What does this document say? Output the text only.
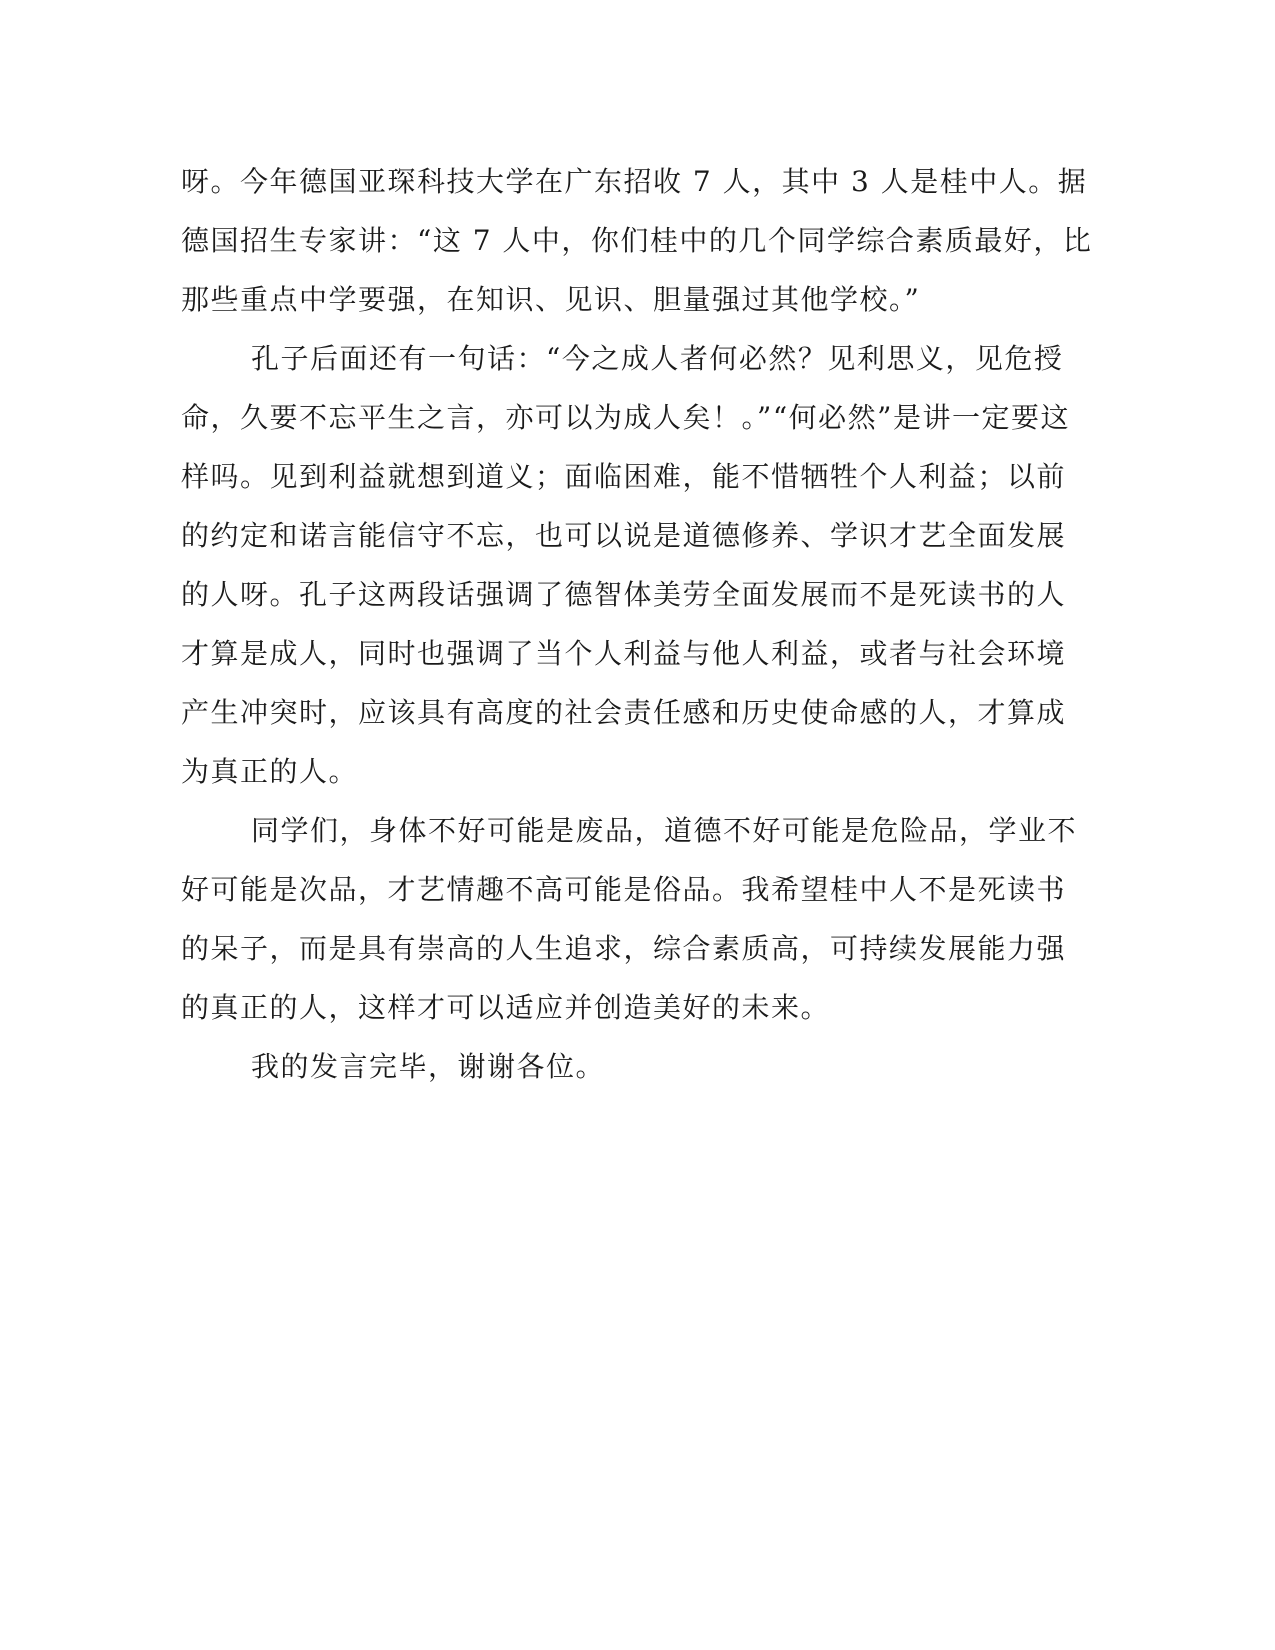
呀。今年德国亚琛科技大学在广东招收 7 人，其中 3 人是桂中人。据
德国招生专家讲：“这 7 人中，你们桂中的几个同学综合素质最好，比
那些重点中学要强，在知识、见识、胆量强过其他学校。”
孔子后面还有一句话：“今之成人者何必然？见利思义，见危授
命，久要不忘平生之言，亦可以为成人矣！。”“何必然”是讲一定要这
样吗。见到利益就想到道义；面临困难，能不惜牺牲个人利益；以前
的约定和诺言能信守不忘，也可以说是道德修养、学识才艺全面发展
的人呀。孔子这两段话强调了德智体美劳全面发展而不是死读书的人
才算是成人，同时也强调了当个人利益与他人利益，或者与社会环境
产生冲突时，应该具有高度的社会责任感和历史使命感的人，才算成
为真正的人。
同学们，身体不好可能是废品，道德不好可能是危险品，学业不
好可能是次品，才艺情趣不高可能是俗品。我希望桂中人不是死读书
的呆子，而是具有崇高的人生追求，综合素质高，可持续发展能力强
的真正的人，这样才可以适应并创造美好的未来。
我的发言完毕，谢谢各位。
